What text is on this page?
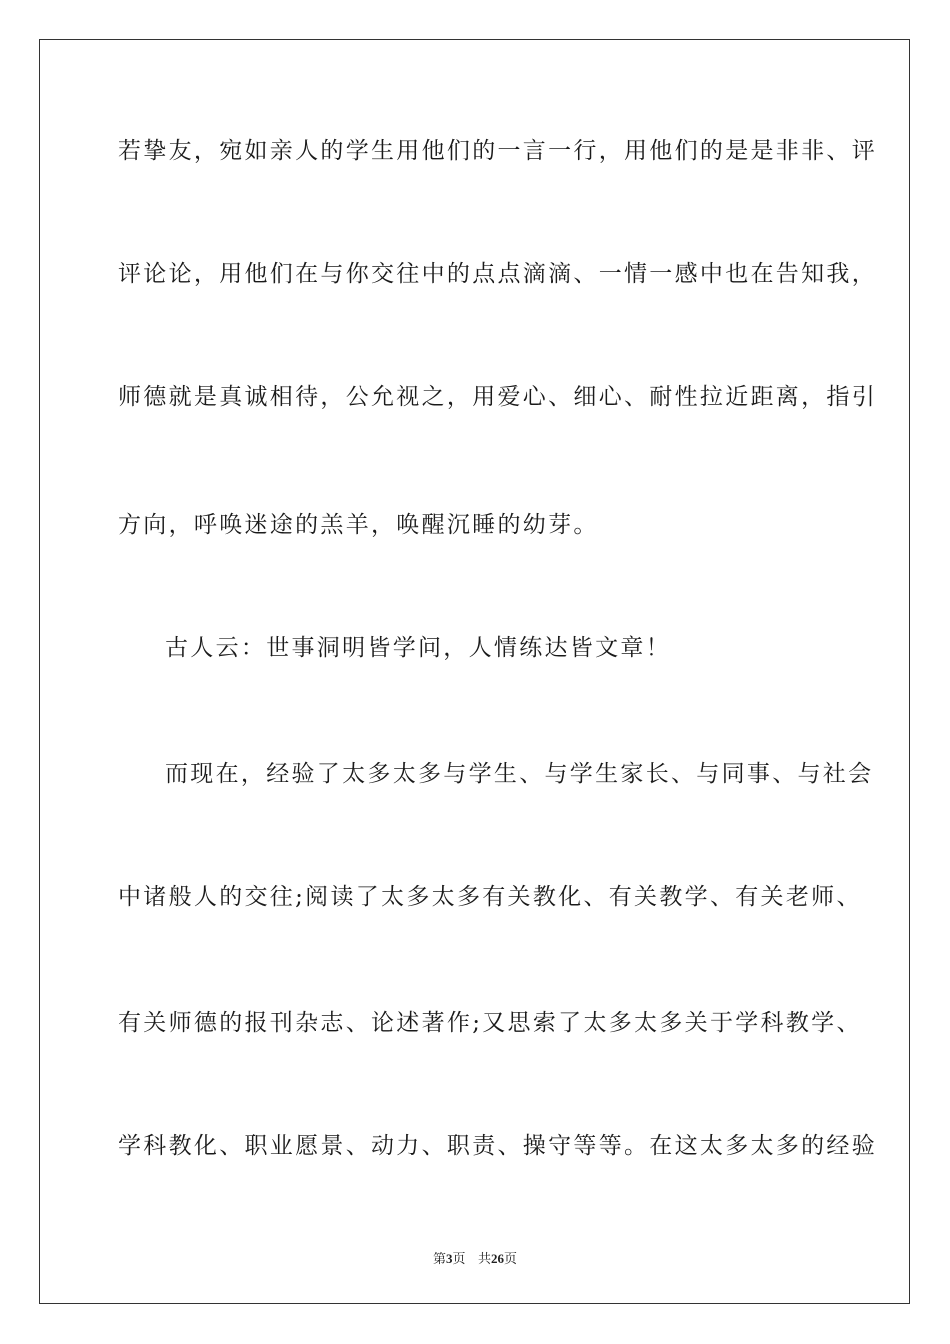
若挚友，宛如亲人的学生用他们的一言一行，用他们的是是非非、评
评论论，用他们在与你交往中的点点滴滴、一情一感中也在告知我，
师德就是真诚相待，公允视之，用爱心、细心、耐性拉近距离，指引
方向，呼唤迷途的羔羊，唤醒沉睡的幼芽。
古人云：世事洞明皆学问，人情练达皆文章！
而现在，经验了太多太多与学生、与学生家长、与同事、与社会
中诸般人的交往;阅读了太多太多有关教化、有关教学、有关老师、
有关师德的报刊杂志、论述著作;又思索了太多太多关于学科教学、
学科教化、职业愿景、动力、职责、操守等等。在这太多太多的经验
第3页 共26页
